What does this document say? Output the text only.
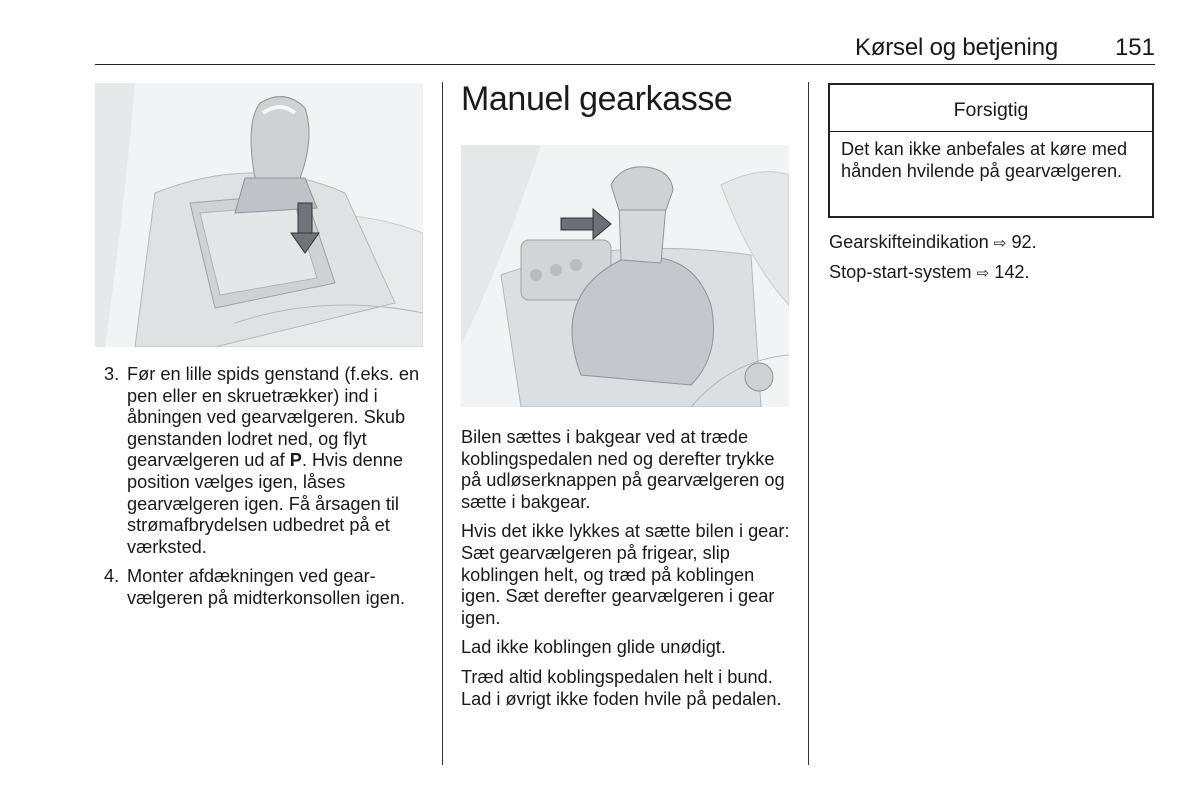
Kørsel og betjening 151
3. Før en lille spids genstand (f.eks. en pen eller en skruetrækker) ind i åbningen ved gearvælgeren. Skub genstanden lodret ned, og flyt gearvælgeren ud af P. Hvis denne position vælges igen, låses gearvælgeren igen. Få årsagen til strømafbrydelsen udbedret på et værksted.
4. Monter afdækningen ved gearvælgeren på midterkonsollen igen.
Manuel gearkasse

Bilen sættes i bakgear ved at træde koblingspedalen ned og derefter trykke på udløserknappen på gearvælgeren og sætte i bakgear.

Hvis det ikke lykkes at sætte bilen i gear: Sæt gearvælgeren på frigear, slip koblingen helt, og træd på koblingen igen. Sæt derefter gearvælgeren i gear igen.

Lad ikke koblingen glide unødigt.

Træd altid koblingspedalen helt i bund. Lad i øvrigt ikke foden hvile på pedalen.

Forsigtig
Det kan ikke anbefales at køre med hånden hvilende på gearvælgeren.

Gearskifteindikation ⇨ 92.

Stop-start-system ⇨ 142.
